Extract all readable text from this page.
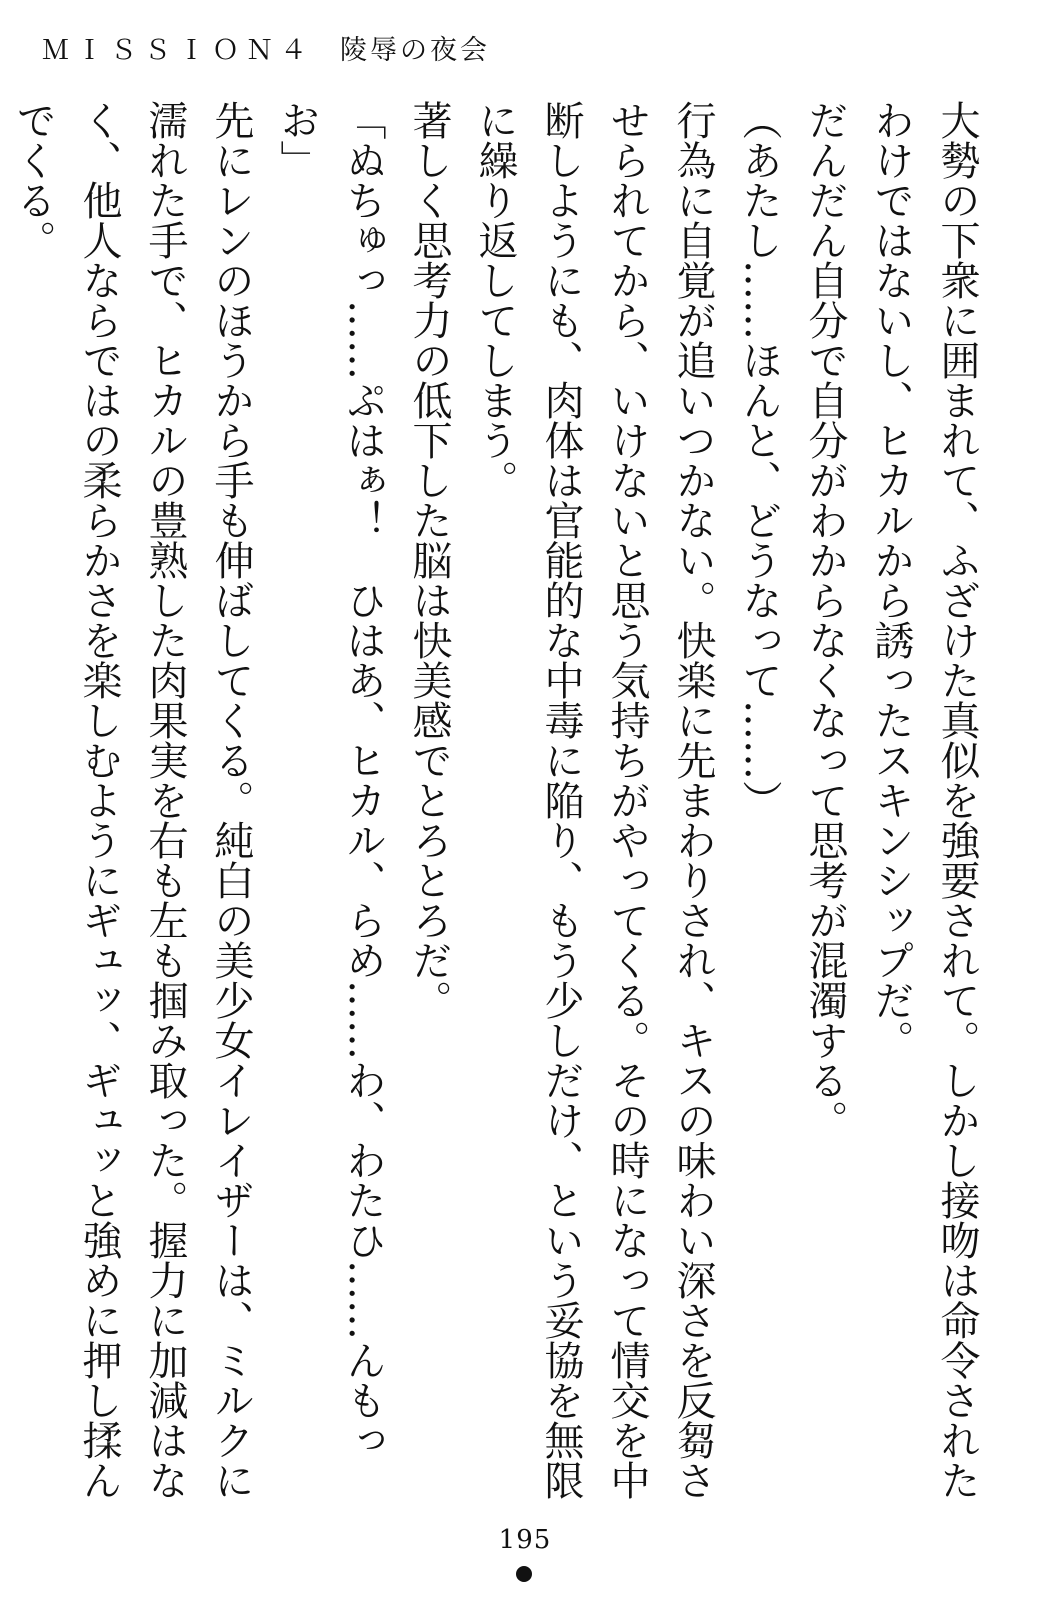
ＭＩＳＳＩＯＮ４ 陵辱の夜会

大勢の下衆に囲まれて、ふざけた真似を強要されて。しかし接吻は命令されたわけではないし、ヒカルから誘ったスキンシップだ。

だんだん自分で自分がわからなくなって思考が混濁する。

（あたし……ほんと、どうなって……）

行為に自覚が追いつかない。快楽に先まわりされ、キスの味わい深さを反芻させられてから、いけないと思う気持ちがやってくる。その時になって情交を中断しようにも、肉体は官能的な中毒に陥り、もう少しだけ、という妥協を無限に繰り返してしまう。

著しく思考力の低下した脳は快美感でとろとろだ。

「ぬちゅっ……ぷはぁ！　ひはあ、ヒカル、らめ……わ、わたひ……んもっお」

先にレンのほうから手も伸ばしてくる。純白の美少女イレイザーは、ミルクに濡れた手で、ヒカルの豊熟した肉果実を右も左も掴み取った。握力に加減はなく、他人ならではの柔らかさを楽しむようにギュッ、ギュッと強めに押し揉んでくる。

195
